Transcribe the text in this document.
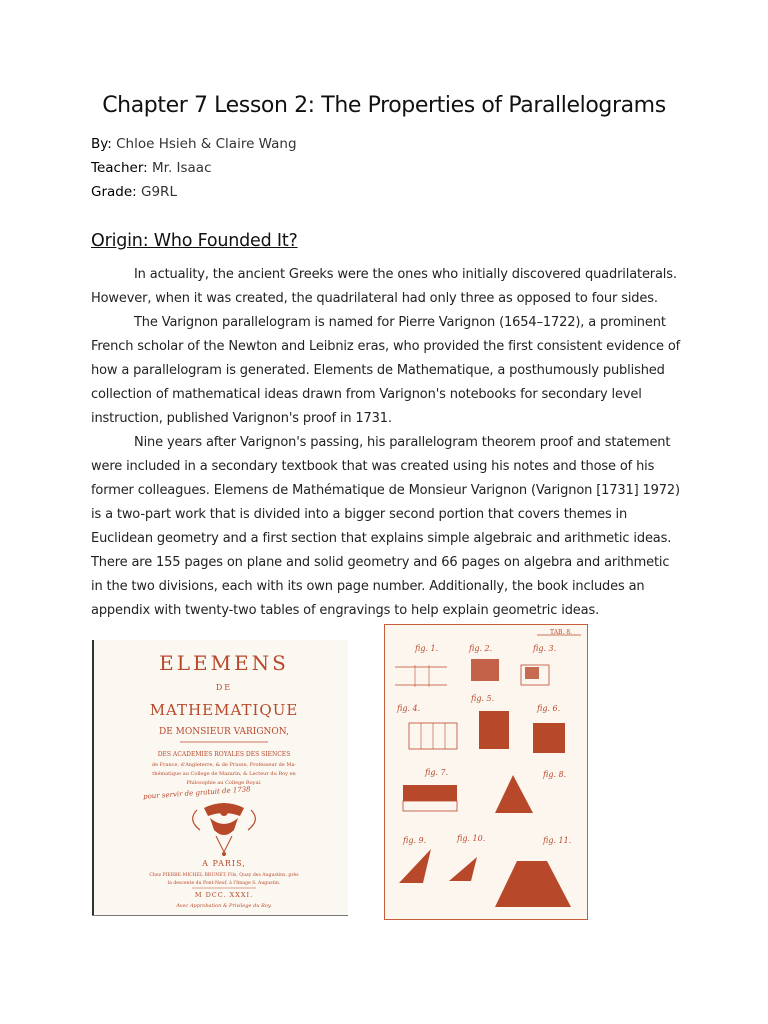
Chapter 7 Lesson 2: The Properties of Parallelograms
By: Chloe Hsieh & Claire Wang
Teacher: Mr. Isaac
Grade: G9RL
Origin: Who Founded It?
In actuality, the ancient Greeks were the ones who initially discovered quadrilaterals.
However, when it was created, the quadrilateral had only three as opposed to four sides.
The Varignon parallelogram is named for Pierre Varignon (1654–1722), a prominent
French scholar of the Newton and Leibniz eras, who provided the first consistent evidence of
how a parallelogram is generated. Elements de Mathematique, a posthumously published
collection of mathematical ideas drawn from Varignon's notebooks for secondary level
instruction, published Varignon's proof in 1731.
Nine years after Varignon's passing, his parallelogram theorem proof and statement
were included in a secondary textbook that was created using his notes and those of his
former colleagues. Elemens de Mathématique de Monsieur Varignon (Varignon [1731] 1972)
is a two-part work that is divided into a bigger second portion that covers themes in
Euclidean geometry and a first section that explains simple algebraic and arithmetic ideas.
There are 155 pages on plane and solid geometry and 66 pages on algebra and arithmetic
in the two divisions, each with its own page number. Additionally, the book includes an
appendix with twenty-two tables of engravings to help explain geometric ideas.
ELEMENS
DE
MATHEMATIQUE
DE MONSIEUR VARIGNON,
DES ACADEMIES ROYALES DES SIENCES
de France, d'Angleterre, & de Prusse, Professeur de Ma-
thématique au College de Mazarin, & Lecteur du Roy en
Philosophie au College Royal.
pour servir de gratuit de 1738
A PARIS,
Chez PIERRE-MICHEL BRUNET, Fils, Quay des Augustins, près
la descente du Pont-Neuf, à l'Image S. Augustin.
M DCC. XXXI.
Avec Approbation & Privilege du Roy.
TAB. 8.
fig. 1.	fig. 2.	fig. 3.
fig. 4.
fig. 5.
fig. 6.
fig. 7.	fig. 8.
fig. 9.	fig. 10.	fig. 11.
